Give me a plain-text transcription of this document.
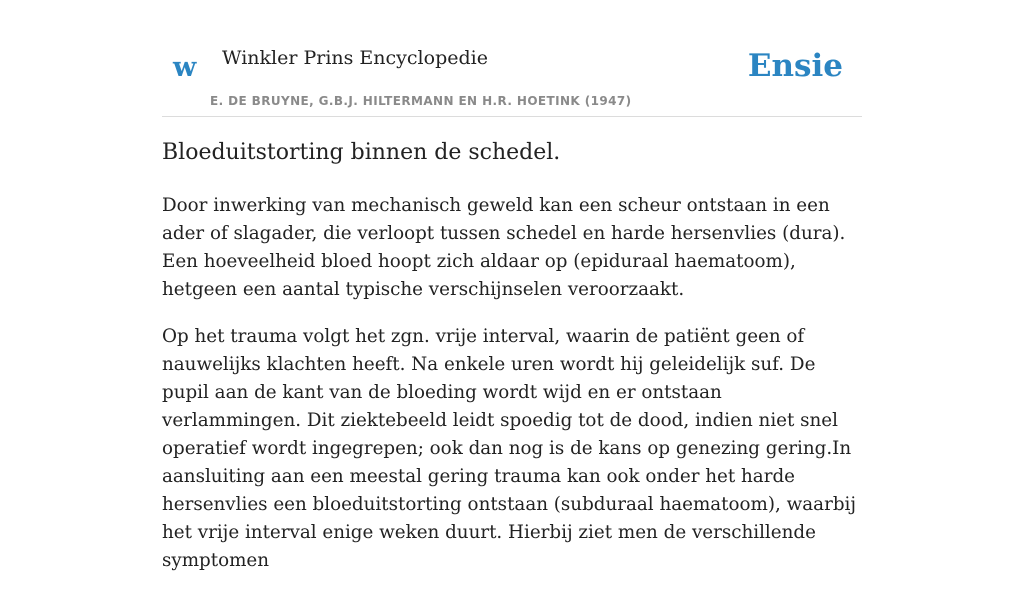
w Winkler Prins Encyclopedie
E. DE BRUYNE, G.B.J. HILTERMANN EN H.R. HOETINK (1947)
Ensie
Bloeduitstorting binnen de schedel.

Door inwerking van mechanisch geweld kan een scheur ontstaan in een ader of slagader, die verloopt tussen schedel en harde hersenvlies (dura). Een hoeveelheid bloed hoopt zich aldaar op (epiduraal haematoom), hetgeen een aantal typische verschijnselen veroorzaakt.

Op het trauma volgt het zgn. vrije interval, waarin de patiënt geen of nauwelijks klachten heeft. Na enkele uren wordt hij geleidelijk suf. De pupil aan de kant van de bloeding wordt wijd en er ontstaan verlammingen. Dit ziektebeeld leidt spoedig tot de dood, indien niet snel operatief wordt ingegrepen; ook dan nog is de kans op genezing gering.In aansluiting aan een meestal gering trauma kan ook onder het harde hersenvlies een bloeduitstorting ontstaan (subduraal haematoom), waarbij het vrije interval enige weken duurt. Hierbij ziet men de verschillende symptomen
